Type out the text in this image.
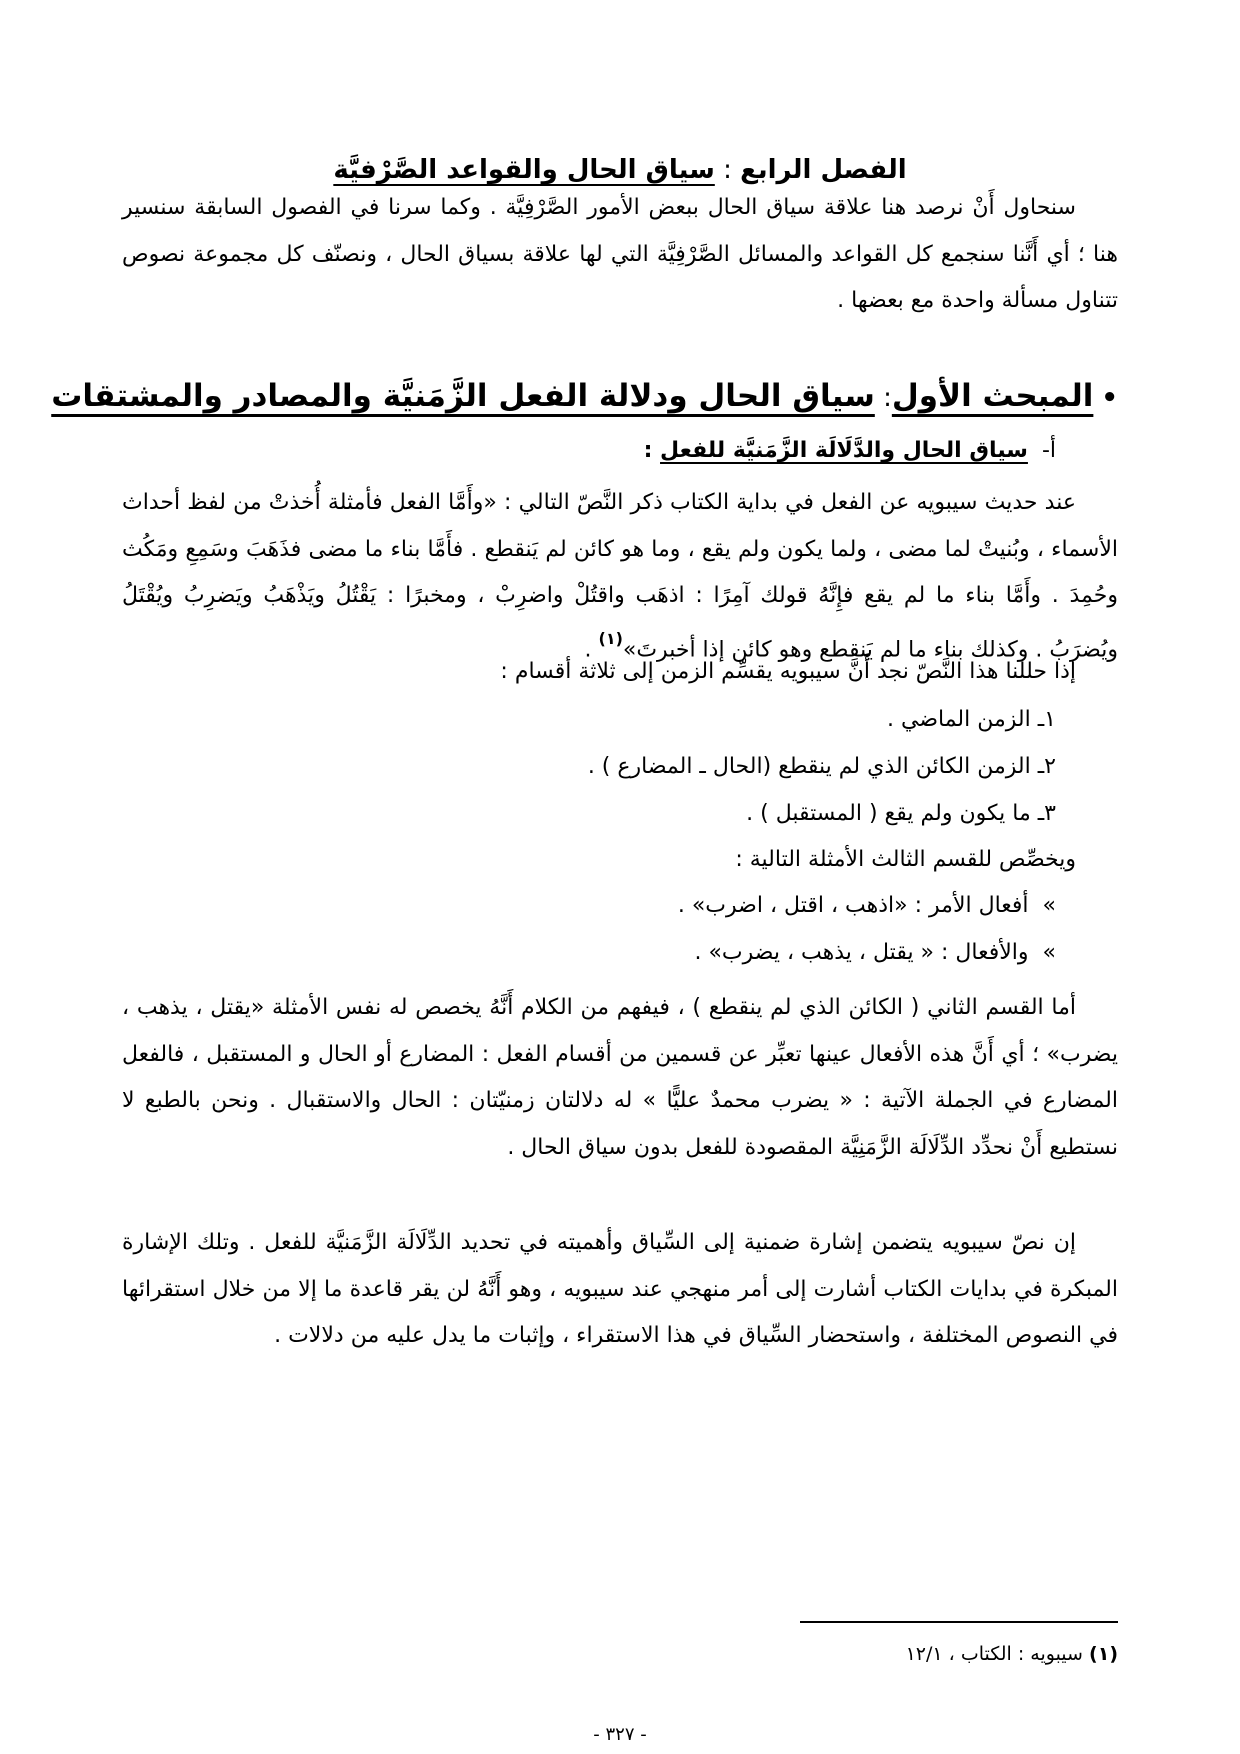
الفصل الرابع : سياق الحال والقواعد الصَّرْفيَّة

سنحاول أَنْ نرصد هنا علاقة سياق الحال ببعض الأمور الصَّرْفِيَّة . وكما سرنا في الفصول السابقة سنسير هنا ؛ أي أَنَّنا سنجمع كل القواعد والمسائل الصَّرْفِيَّة التي لها علاقة بسياق الحال ، ونصنّف كل مجموعة نصوص تتناول مسألة واحدة مع بعضها .

•المبحث الأول: سياق الحال ودلالة الفعل الزَّمَنيَّة والمصادر والمشتقات
أ-سياق الحال والدَّلَالَة الزَّمَنيَّة للفعل :

عند حديث سيبويه عن الفعل في بداية الكتاب ذكر النَّصّ التالي : «وأَمَّا الفعل فأمثلة أُخذتْ من لفظ أحداث الأسماء ، وبُنيتْ لما مضى ، ولما يكون ولم يقع ، وما هو كائن لم يَنقطع . فأَمَّا بناء ما مضى فذَهَبَ وسَمِعِ ومَكُث وحُمِدَ . وأَمَّا بناء ما لم يقع فإِنَّهُ قولك آمِرًا : اذهَب واقتُلْ واضرِبْ ، ومخبرًا : يَقْتُلُ ويَذْهَبُ ويَضرِبُ ويُقْتَلُ ويُضرَبُ . وكذلك بناء ما لم يَنقطع وهو كائن إذا أخبرتَ»$^{(١)}$ .

إذا حللنا هذا النَّصّ نجد أَنَّ سيبويه يقسِّم الزمن إلى ثلاثة أقسام :
١ـ الزمن الماضي .
٢ـ الزمن الكائن الذي لم ينقطع (الحال ـ المضارع ) .
٣ـ ما يكون ولم يقع ( المستقبل ) .
ويخصِّص للقسم الثالث الأمثلة التالية :
»أفعال الأمر : «اذهب ، اقتل ، اضرب» .
»والأفعال : « يقتل ، يذهب ، يضرب» .

أما القسم الثاني ( الكائن الذي لم ينقطع ) ، فيفهم من الكلام أَنَّهُ يخصص له نفس الأمثلة «يقتل ، يذهب ، يضرب» ؛ أي أَنَّ هذه الأفعال عينها تعبِّر عن قسمين من أقسام الفعل : المضارع أو الحال و المستقبل ، فالفعل المضارع في الجملة الآتية : « يضرب محمدٌ عليًّا » له دلالتان زمنيّتان : الحال والاستقبال . ونحن بالطبع لا نستطيع أَنْ نحدِّد الدِّلَالَة الزَّمَنِيَّة المقصودة للفعل بدون سياق الحال .

إن نصّ سيبويه يتضمن إشارة ضمنية إلى السِّياق وأهميته في تحديد الدِّلَالَة الزَّمَنيَّة للفعل . وتلك الإشارة المبكرة في بدايات الكتاب أشارت إلى أمر منهجي عند سيبويه ، وهو أَنَّهُ لن يقر قاعدة ما إلا من خلال استقرائها في النصوص المختلفة ، واستحضار السِّياق في هذا الاستقراء ، وإثبات ما يدل عليه من دلالات .

(١) سيبويه : الكتاب ، ١٢/١
- ٣٢٧ -
